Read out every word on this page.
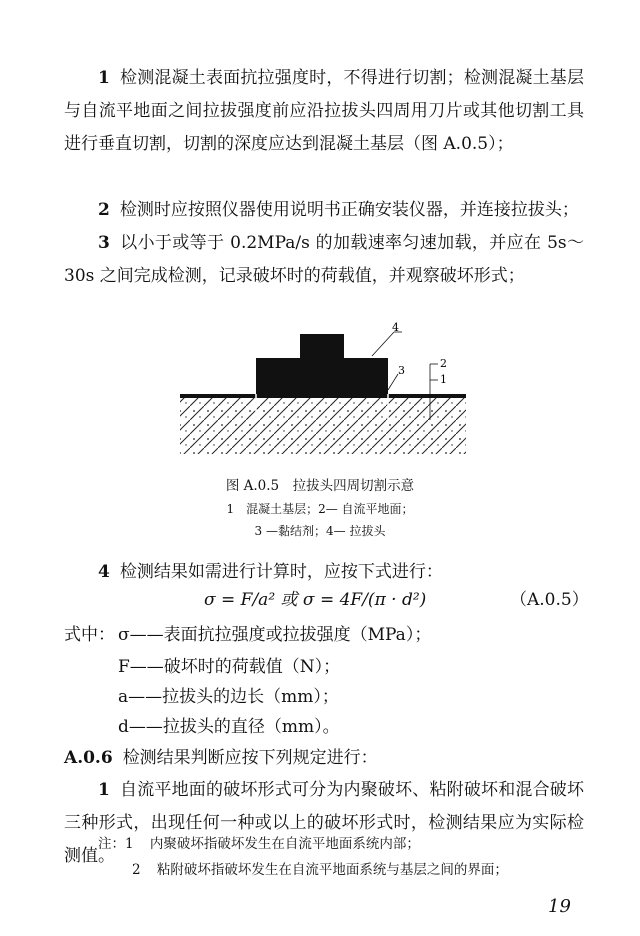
1 检测混凝土表面抗拉强度时，不得进行切割；检测混凝土基层与自流平地面之间拉拔强度前应沿拉拔头四周用刀片或其他切割工具进行垂直切割，切割的深度应达到混凝土基层（图 A.0.5）；
2 检测时应按照仪器使用说明书正确安装仪器，并连接拉拔头；
3 以小于或等于 0.2MPa/s 的加载速率匀速加载，并应在 5s～30s 之间完成检测，记录破坏时的荷载值，并观察破坏形式；
4
3
2
1
图 A.0.5　拉拔头四周切割示意
1　混凝土基层；2— 自流平地面；
3 —黏结剂；4— 拉拔头
4 检测结果如需进行计算时，应按下式进行：
σ = F/a² 或 σ = 4F/(π · d²)	（A.0.5）
式中： σ——表面抗拉强度或拉拔强度（MPa）；
F——破坏时的荷载值（N）；
a——拉拔头的边长（mm）；
d——拉拔头的直径（mm）。
A.0.6 检测结果判断应按下列规定进行：
1 自流平地面的破坏形式可分为内聚破坏、粘附破坏和混合破坏三种形式，出现任何一种或以上的破坏形式时，检测结果应为实际检测值。
注：1 内聚破坏指破坏发生在自流平地面系统内部；
2 粘附破坏指破坏发生在自流平地面系统与基层之间的界面；
19
